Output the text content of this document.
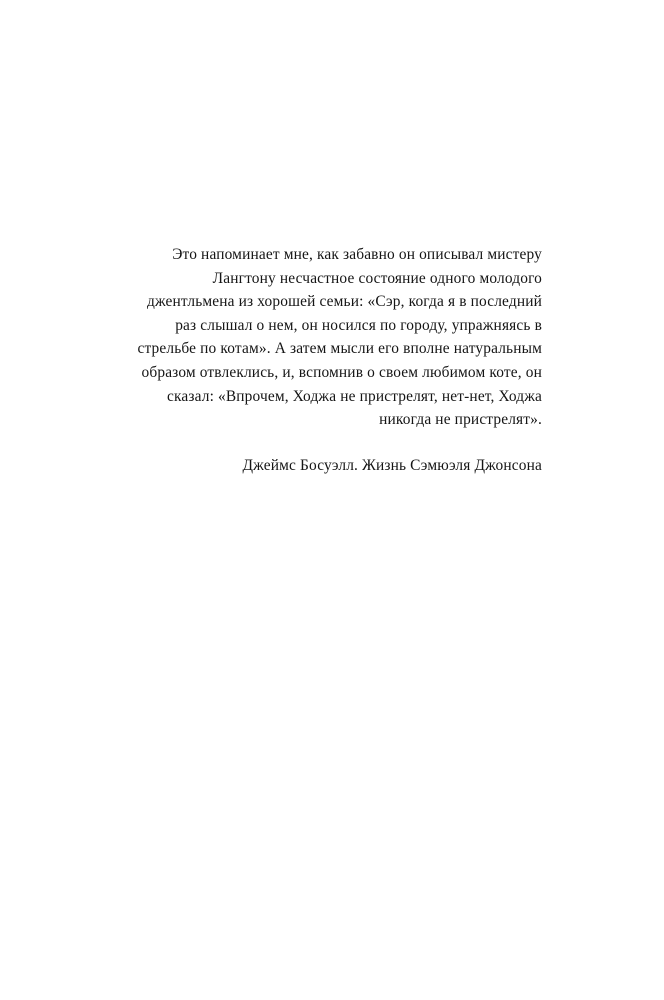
Это напоминает мне, как забавно он описывал мистеру Лангтону несчастное состояние одного молодого джентльмена из хорошей семьи: «Сэр, когда я в последний раз слышал о нем, он носился по городу, упражняясь в стрельбе по котам». А затем мысли его вполне натуральным образом отвлеклись, и, вспомнив о своем любимом коте, он сказал: «Впрочем, Ходжа не пристрелят, нет-нет, Ходжа никогда не пристрелят».

Джеймс Босуэлл. Жизнь Сэмюэля Джонсона
